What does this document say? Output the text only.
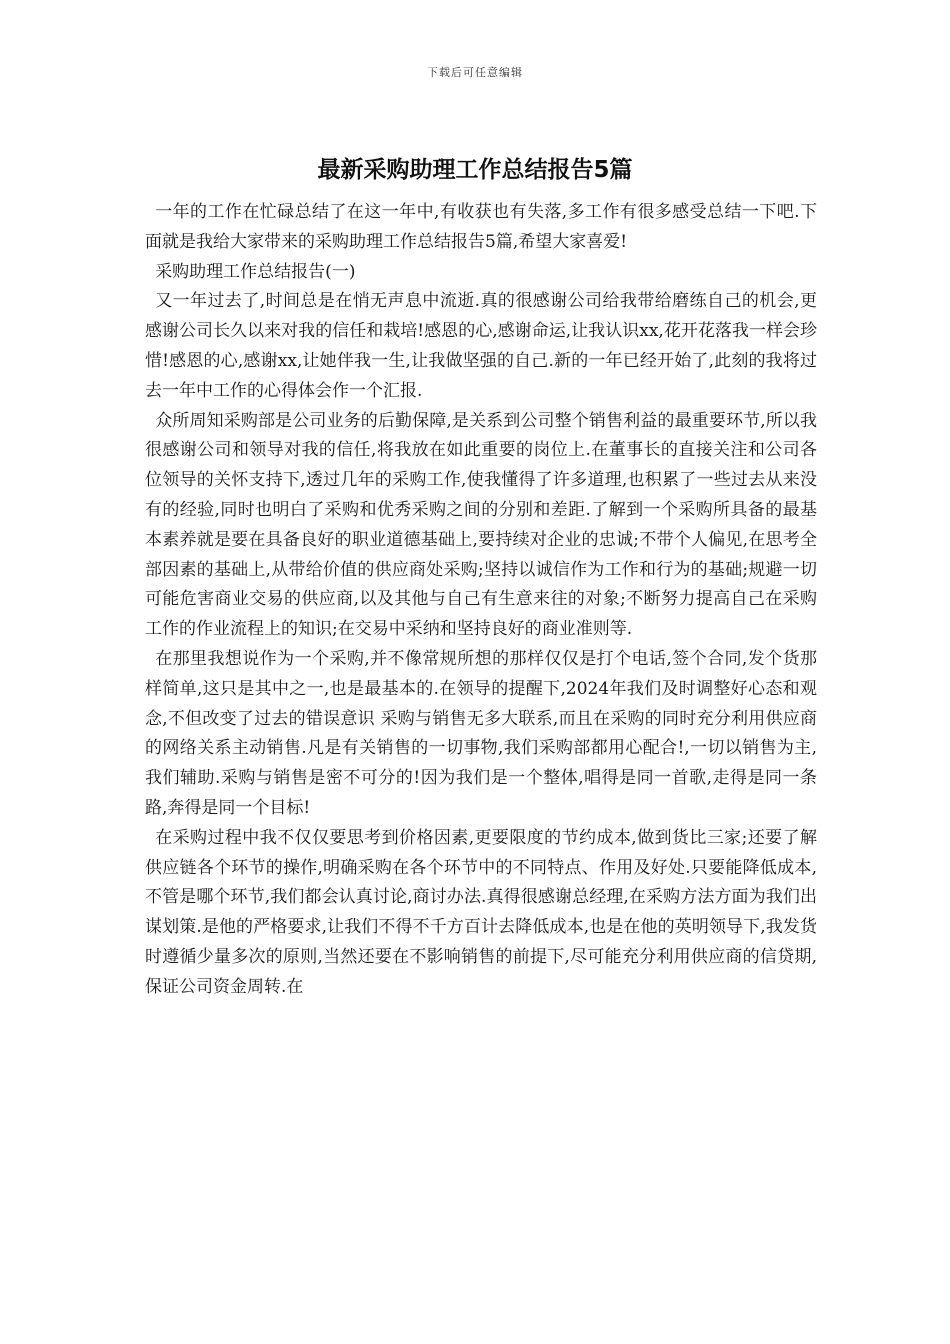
下载后可任意编辑
最新采购助理工作总结报告5篇

一年的工作在忙碌总结了在这一年中,有收获也有失落,多工作有很多感受总结一下吧.下面就是我给大家带来的采购助理工作总结报告5篇,希望大家喜爱!

采购助理工作总结报告(一)

又一年过去了,时间总是在悄无声息中流逝.真的很感谢公司给我带给磨练自己的机会,更感谢公司长久以来对我的信任和栽培!感恩的心,感谢命运,让我认识xx,花开花落我一样会珍惜!感恩的心,感谢xx,让她伴我一生,让我做坚强的自己.新的一年已经开始了,此刻的我将过去一年中工作的心得体会作一个汇报.

众所周知采购部是公司业务的后勤保障,是关系到公司整个销售利益的最重要环节,所以我很感谢公司和领导对我的信任,将我放在如此重要的岗位上.在董事长的直接关注和公司各位领导的关怀支持下,透过几年的采购工作,使我懂得了许多道理,也积累了一些过去从来没有的经验,同时也明白了采购和优秀采购之间的分别和差距.了解到一个采购所具备的最基本素养就是要在具备良好的职业道德基础上,要持续对企业的忠诚;不带个人偏见,在思考全部因素的基础上,从带给价值的供应商处采购;坚持以诚信作为工作和行为的基础;规避一切可能危害商业交易的供应商,以及其他与自己有生意来往的对象;不断努力提高自己在采购工作的作业流程上的知识;在交易中采纳和坚持良好的商业准则等.

在那里我想说作为一个采购,并不像常规所想的那样仅仅是打个电话,签个合同,发个货那样简单,这只是其中之一,也是最基本的.在领导的提醒下,2024年我们及时调整好心态和观念,不但改变了过去的错误意识 采购与销售无多大联系,而且在采购的同时充分利用供应商的网络关系主动销售.凡是有关销售的一切事物,我们采购部都用心配合!,一切以销售为主,我们辅助.采购与销售是密不可分的!因为我们是一个整体,唱得是同一首歌,走得是同一条路,奔得是同一个目标!

在采购过程中我不仅仅要思考到价格因素,更要限度的节约成本,做到货比三家;还要了解供应链各个环节的操作,明确采购在各个环节中的不同特点、作用及好处.只要能降低成本,不管是哪个环节,我们都会认真讨论,商讨办法.真得很感谢总经理,在采购方法方面为我们出谋划策.是他的严格要求,让我们不得不千方百计去降低成本,也是在他的英明领导下,我发货时遵循少量多次的原则,当然还要在不影响销售的前提下,尽可能充分利用供应商的信贷期,保证公司资金周转.在
